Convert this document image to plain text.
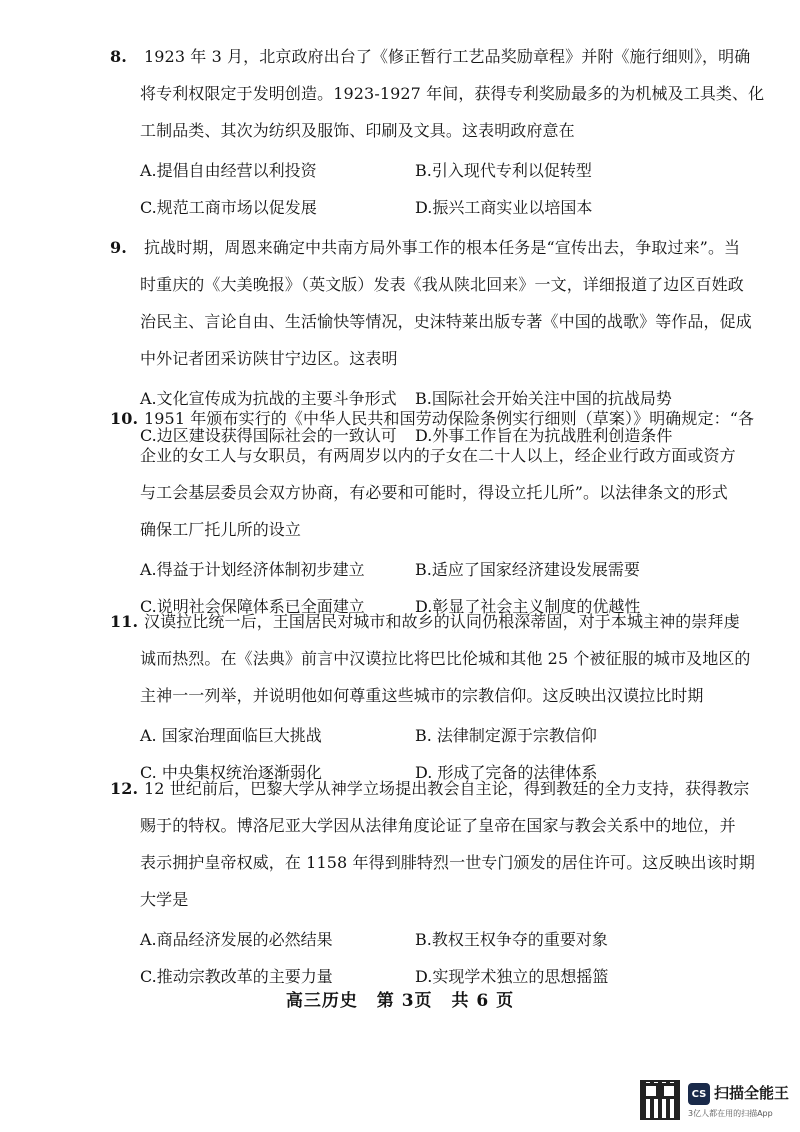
8. 1923 年 3 月，北京政府出台了《修正暂行工艺品奖励章程》并附《施行细则》，明确
将专利权限定于发明创造。1923-1927 年间，获得专利奖励最多的为机械及工具类、化
工制品类、其次为纺织及服饰、印刷及文具。这表明政府意在
A.提倡自由经营以利投资	B.引入现代专利以促转型
C.规范工商市场以促发展	D.振兴工商实业以培国本
9. 抗战时期，周恩来确定中共南方局外事工作的根本任务是“宣传出去，争取过来”。当
时重庆的《大美晚报》（英文版）发表《我从陕北回来》一文，详细报道了边区百姓政
治民主、言论自由、生活愉快等情况，史沫特莱出版专著《中国的战歌》等作品，促成
中外记者团采访陕甘宁边区。这表明
A.文化宣传成为抗战的主要斗争形式	B.国际社会开始关注中国的抗战局势
C.边区建设获得国际社会的一致认可	D.外事工作旨在为抗战胜利创造条件
10. 1951 年颁布实行的《中华人民共和国劳动保险条例实行细则（草案）》明确规定：“各
企业的女工人与女职员，有两周岁以内的子女在二十人以上，经企业行政方面或资方
与工会基层委员会双方协商，有必要和可能时，得设立托儿所”。以法律条文的形式
确保工厂托儿所的设立
A.得益于计划经济体制初步建立	B.适应了国家经济建设发展需要
C.说明社会保障体系已全面建立	D.彰显了社会主义制度的优越性
11. 汉谟拉比统一后，王国居民对城市和故乡的认同仍根深蒂固，对于本城主神的崇拜虔
诚而热烈。在《法典》前言中汉谟拉比将巴比伦城和其他 25 个被征服的城市及地区的
主神一一列举，并说明他如何尊重这些城市的宗教信仰。这反映出汉谟拉比时期
A. 国家治理面临巨大挑战	B. 法律制定源于宗教信仰
C. 中央集权统治逐渐弱化	D. 形成了完备的法律体系
12. 12 世纪前后，巴黎大学从神学立场提出教会自主论，得到教廷的全力支持，获得教宗
赐于的特权。博洛尼亚大学因从法律角度论证了皇帝在国家与教会关系中的地位，并
表示拥护皇帝权威，在 1158 年得到腓特烈一世专门颁发的居住许可。这反映出该时期
大学是
A.商品经济发展的必然结果	B.教权王权争夺的重要对象
C.推动宗教改革的主要力量	D.实现学术独立的思想摇篮
高三历史 第 3页 共 6 页
CS 扫描全能王
3亿人都在用的扫描App
